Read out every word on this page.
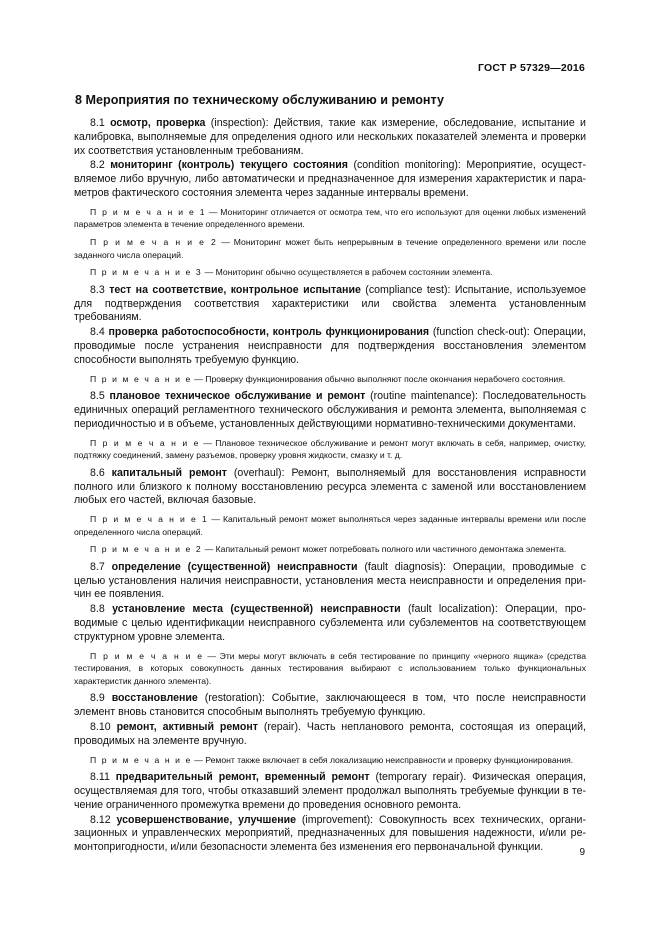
ГОСТ Р 57329—2016
8 Мероприятия по техническому обслуживанию и ремонту

8.1 осмотр, проверка (inspection): Действия, такие как измерение, обследование, испытание и калибровка, выполняемые для определения одного или нескольких показателей элемента и проверки их соответствия установленным требованиям.

8.2 мониторинг (контроль) текущего состояния (condition monitoring): Мероприятие, осуществляемое либо вручную, либо автоматически и предназначенное для измерения характеристик и параметров фактического состояния элемента через заданные интервалы времени.

П р и м е ч а н и е 1 — Мониторинг отличается от осмотра тем, что его используют для оценки любых изменений параметров элемента в течение определенного времени.

П р и м е ч а н и е 2 — Мониторинг может быть непрерывным в течение определенного времени или после заданного числа операций.

П р и м е ч а н и е 3 — Мониторинг обычно осуществляется в рабочем состоянии элемента.

8.3 тест на соответствие, контрольное испытание (compliance test): Испытание, используемое для подтверждения соответствия характеристики или свойства элемента установленным требованиям.

8.4 проверка работоспособности, контроль функционирования (function check-out): Операции, проводимые после устранения неисправности для подтверждения восстановления элементом способности выполнять требуемую функцию.

П р и м е ч а н и е — Проверку функционирования обычно выполняют после окончания нерабочего состояния.

8.5 плановое техническое обслуживание и ремонт (routine maintenance): Последовательность единичных операций регламентного технического обслуживания и ремонта элемента, выполняемая с периодичностью и в объеме, установленных действующими нормативно-техническими документами.

П р и м е ч а н и е — Плановое техническое обслуживание и ремонт могут включать в себя, например, очистку, подтяжку соединений, замену разъемов, проверку уровня жидкости, смазку и т. д.

8.6 капитальный ремонт (overhaul): Ремонт, выполняемый для восстановления исправности полного или близкого к полному восстановлению ресурса элемента с заменой или восстановлением любых его частей, включая базовые.

П р и м е ч а н и е 1 — Капитальный ремонт может выполняться через заданные интервалы времени или после определенного числа операций.

П р и м е ч а н и е 2 — Капитальный ремонт может потребовать полного или частичного демонтажа элемента.

8.7 определение (существенной) неисправности (fault diagnosis): Операции, проводимые с целью установления наличия неисправности, установления места неисправности и определения причин ее появления.

8.8 установление места (существенной) неисправности (fault localization): Операции, проводимые с целью идентификации неисправного субэлемента или субэлементов на соответствующем структурном уровне элемента.

П р и м е ч а н и е — Эти меры могут включать в себя тестирование по принципу «черного ящика» (средства тестирования, в которых совокупность данных тестирования выбирают с использованием только функциональных характеристик данного элемента).

8.9 восстановление (restoration): Событие, заключающееся в том, что после неисправности элемент вновь становится способным выполнять требуемую функцию.

8.10 ремонт, активный ремонт (repair). Часть непланового ремонта, состоящая из операций, проводимых на элементе вручную.

П р и м е ч а н и е — Ремонт также включает в себя локализацию неисправности и проверку функционирования.

8.11 предварительный ремонт, временный ремонт (temporary repair). Физическая операция, осуществляемая для того, чтобы отказавший элемент продолжал выполнять требуемые функции в течение ограниченного промежутка времени до проведения основного ремонта.

8.12 усовершенствование, улучшение (improvement): Совокупность всех технических, организационных и управленческих мероприятий, предназначенных для повышения надежности, и/или ремонтопригодности, и/или безопасности элемента без изменения его первоначальной функции.	9
